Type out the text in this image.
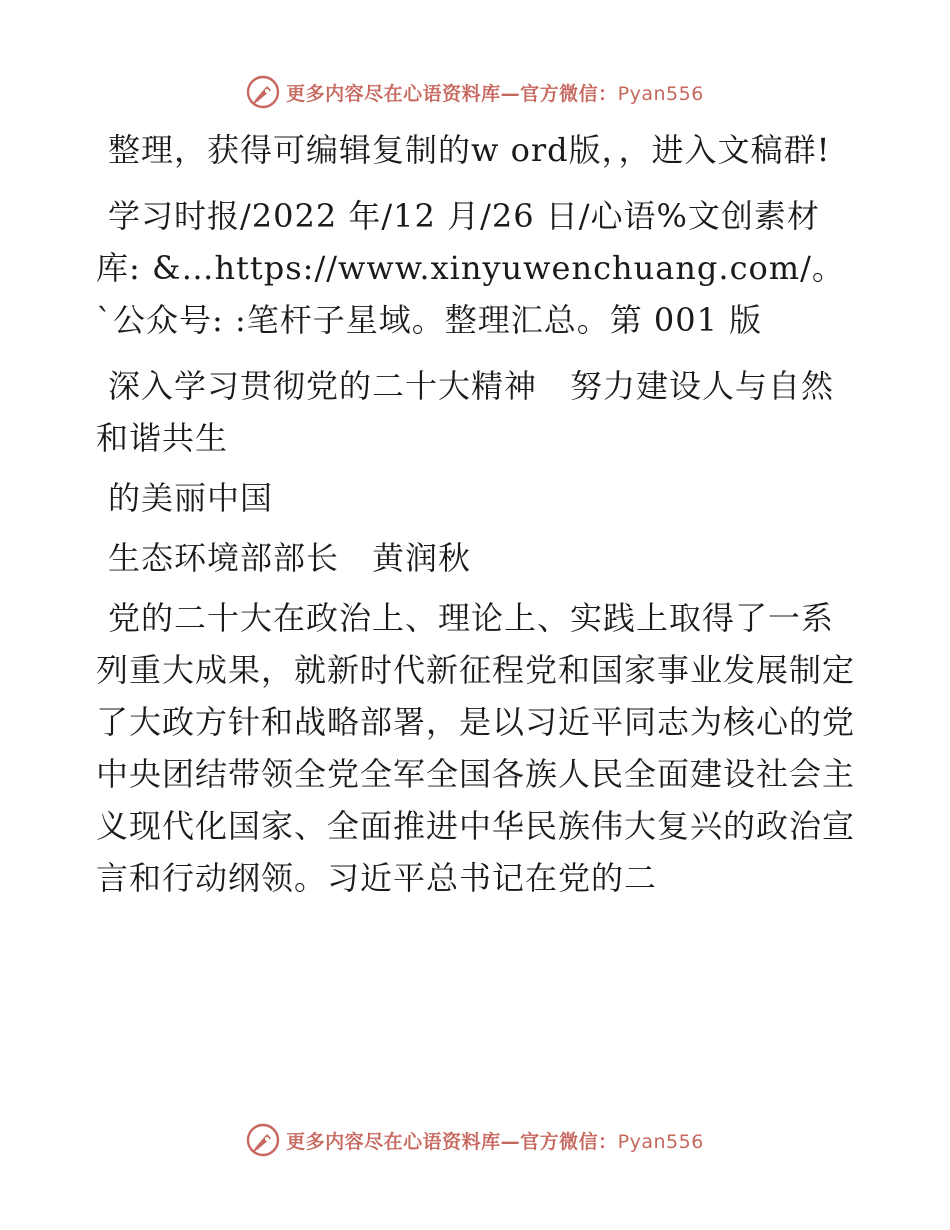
更多内容尽在心语资料库—官方微信：Pyan556

整理，获得可编辑复制的w ord版，，进入文稿群!

学习时报/2022 年/12 月/26 日/心语%文创素材库: &…https://www.xinyuwenchuang.com/。`公众号: :笔杆子星域。整理汇总。第 001 版

深入学习贯彻党的二十大精神　努力建设人与自然和谐共生

的美丽中国

生态环境部部长　黄润秋

党的二十大在政治上、理论上、实践上取得了一系列重大成果，就新时代新征程党和国家事业发展制定了大政方针和战略部署，是以习近平同志为核心的党中央团结带领全党全军全国各族人民全面建设社会主义现代化国家、全面推进中华民族伟大复兴的政治宣言和行动纲领。习近平总书记在党的二

更多内容尽在心语资料库—官方微信：Pyan556
